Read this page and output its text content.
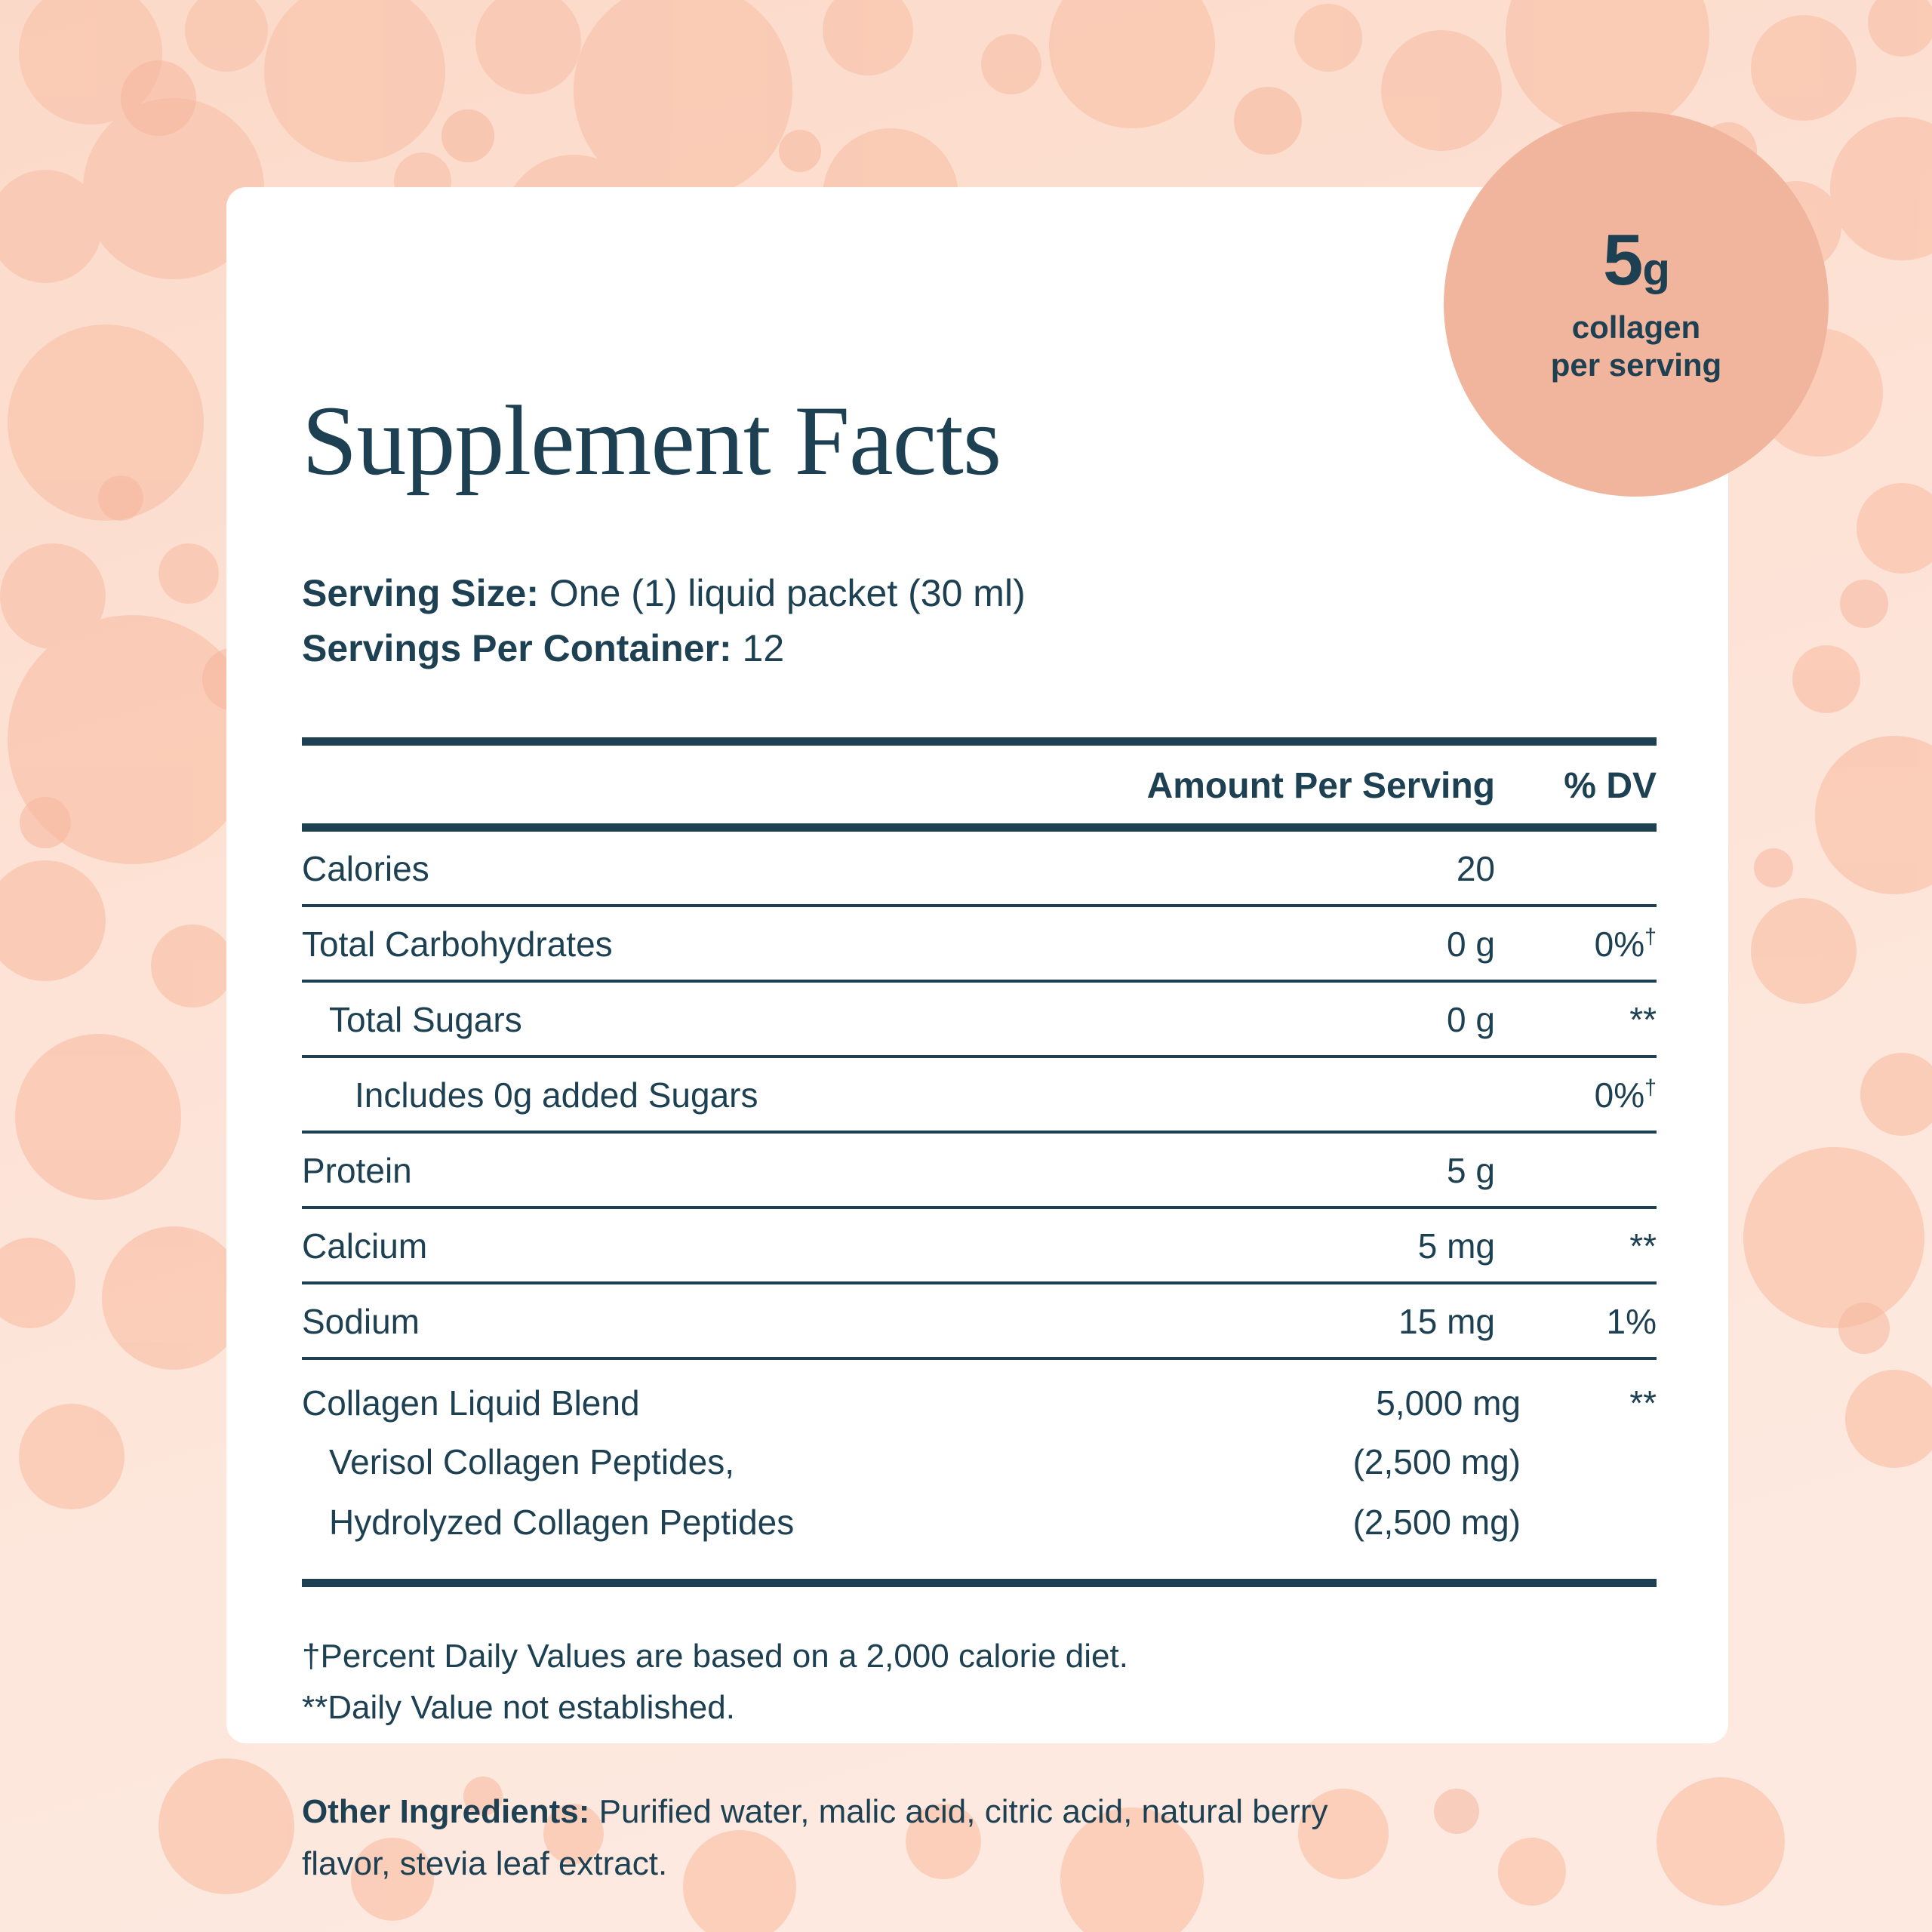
Supplement Facts
Serving Size: One (1) liquid packet (30 ml)
Servings Per Container: 12
	Amount Per Serving	% DV
Calories	20	
Total Carbohydrates	0 g	0%†
Total Sugars	0 g	**
Includes 0g added Sugars		0%†
Protein	5 g	
Calcium	5 mg	**
Sodium	15 mg	1%
Collagen Liquid Blend	5,000 mg	**
Verisol Collagen Peptides,	(2,500 mg)	
Hydrolyzed Collagen Peptides	(2,500 mg)	
†Percent Daily Values are based on a 2,000 calorie diet.
**Daily Value not established.
Other Ingredients: Purified water, malic acid, citric acid, natural berry flavor, stevia leaf extract.
5g
collagen
per serving
